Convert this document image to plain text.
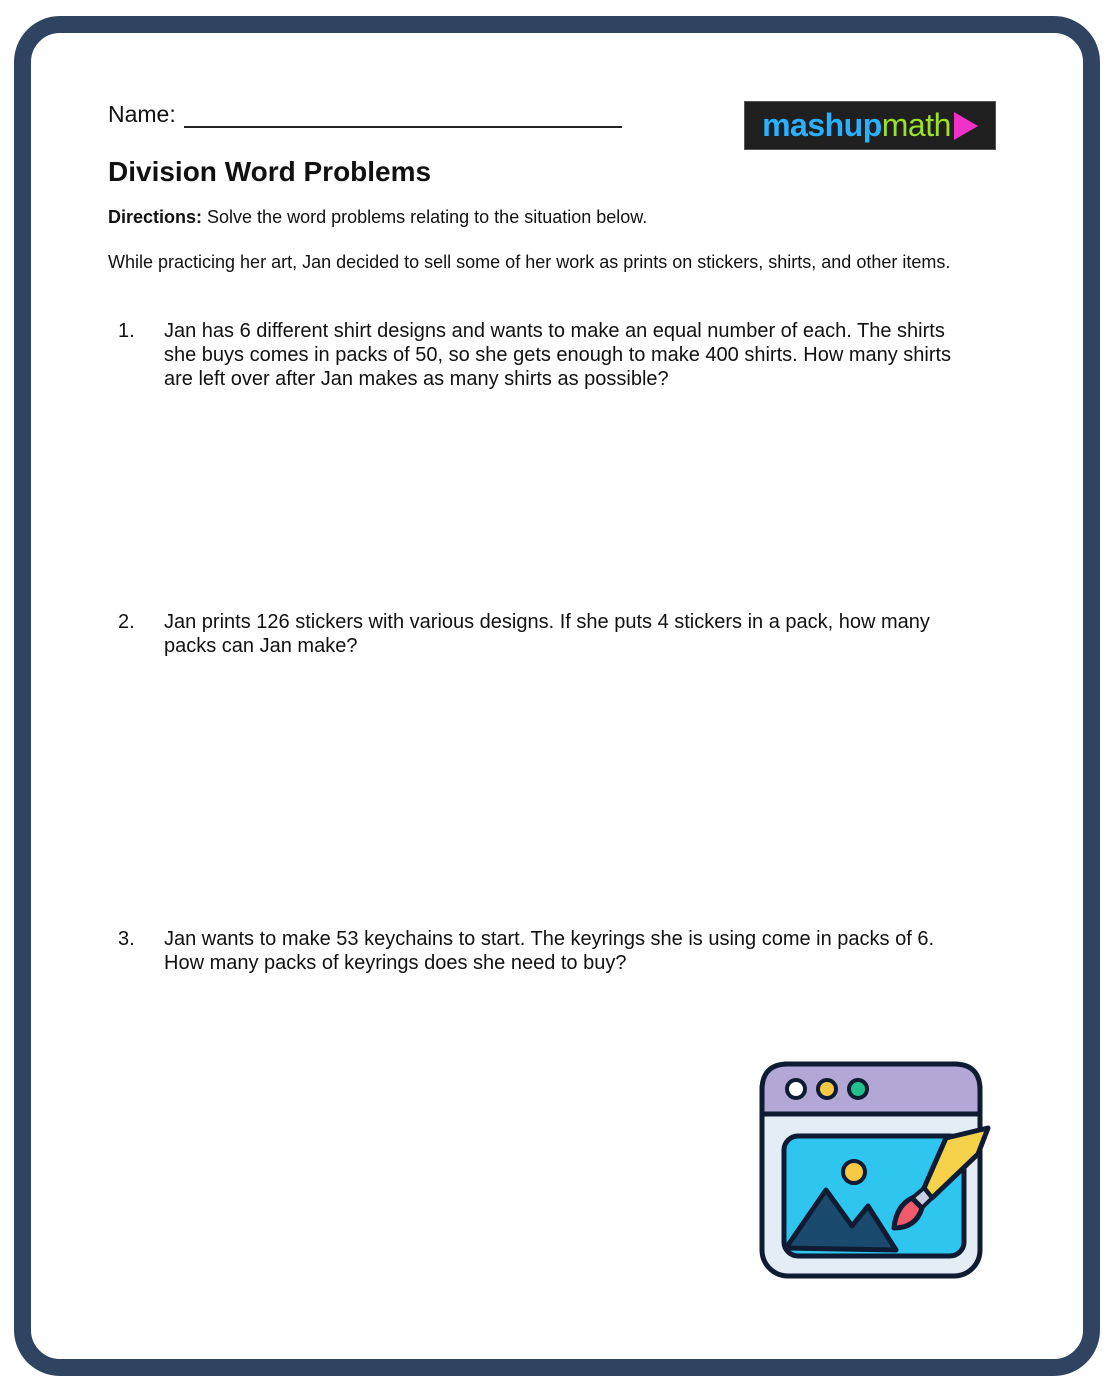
Name:	mashup math
Division Word Problems

Directions: Solve the word problems relating to the situation below.

While practicing her art, Jan decided to sell some of her work as prints on stickers, shirts, and other items.

1.	Jan has 6 different shirt designs and wants to make an equal number of each. The shirts she buys comes in packs of 50, so she gets enough to make 400 shirts. How many shirts are left over after Jan makes as many shirts as possible?
2.	Jan prints 126 stickers with various designs. If she puts 4 stickers in a pack, how many packs can Jan make?
3.	Jan wants to make 53 keychains to start. The keyrings she is using come in packs of 6. How many packs of keyrings does she need to buy?
